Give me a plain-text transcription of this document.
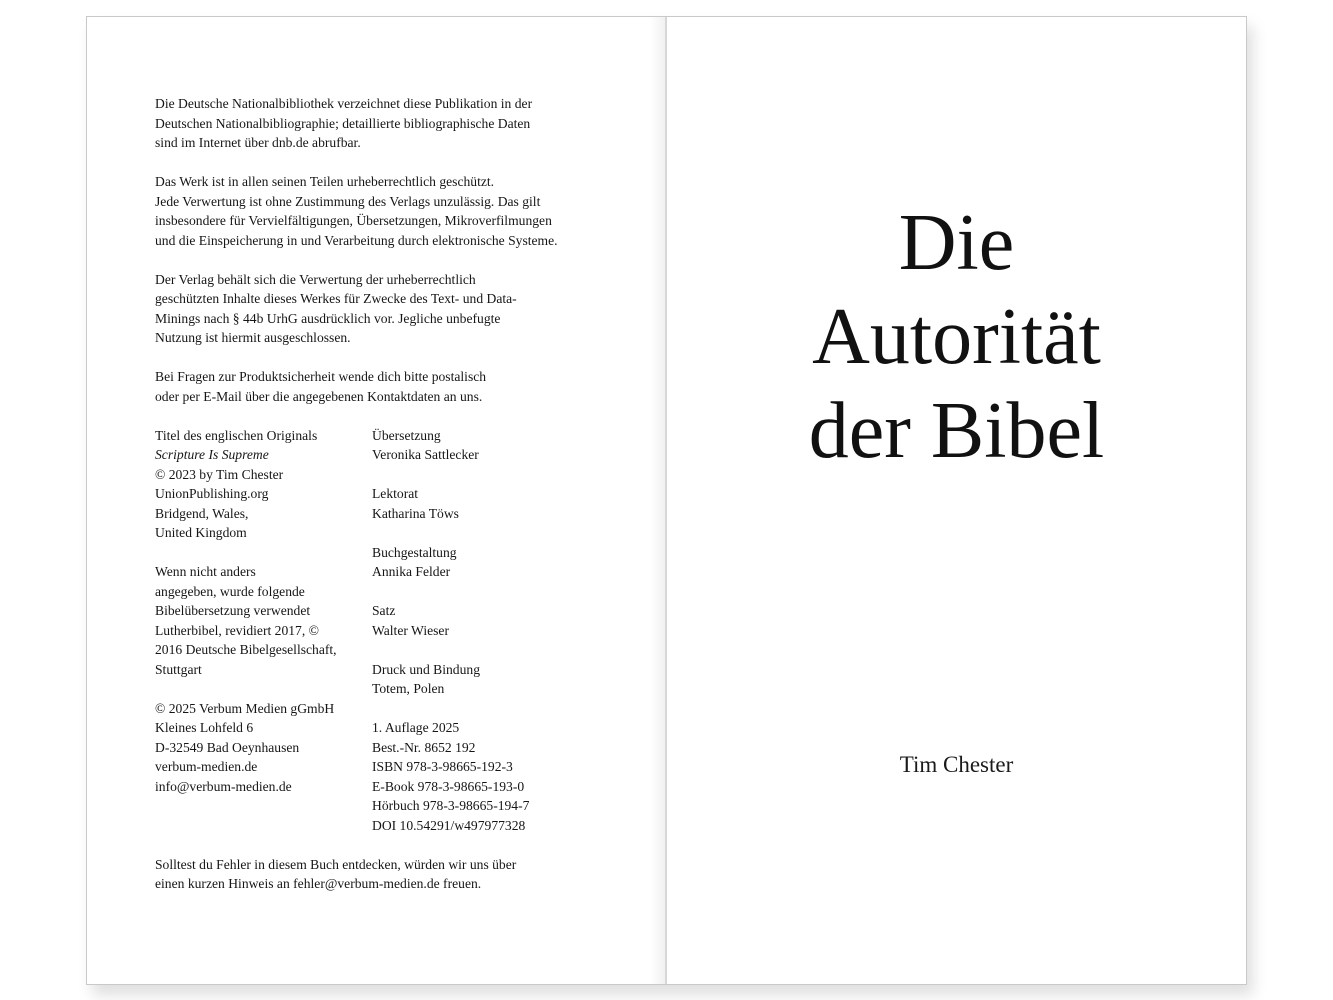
Die Deutsche Nationalbibliothek verzeichnet diese Publikation in der
Deutschen Nationalbibliographie; detaillierte bibliographische Daten
sind im Internet über dnb.de abrufbar.

Das Werk ist in allen seinen Teilen urheberrechtlich geschützt.
Jede Verwertung ist ohne Zustimmung des Verlags unzulässig. Das gilt
insbesondere für Vervielfältigungen, Übersetzungen, Mikroverfilmungen
und die Einspeicherung in und Verarbeitung durch elektronische Systeme.

Der Verlag behält sich die Verwertung der urheberrechtlich
geschützten Inhalte dieses Werkes für Zwecke des Text- und Data-
Minings nach § 44b UrhG ausdrücklich vor. Jegliche unbefugte
Nutzung ist hiermit ausgeschlossen.

Bei Fragen zur Produktsicherheit wende dich bitte postalisch
oder per E-Mail über die angegebenen Kontaktdaten an uns.

Titel des englischen Originals
Scripture Is Supreme
© 2023 by Tim Chester
UnionPublishing.org
Bridgend, Wales,
United Kingdom
Wenn nicht anders
angegeben, wurde folgende
Bibelübersetzung verwendet
Lutherbibel, revidiert 2017, ©
2016 Deutsche Bibelgesellschaft,
Stuttgart
© 2025 Verbum Medien gGmbH
Kleines Lohfeld 6
D-32549 Bad Oeynhausen
verbum-medien.de
info@verbum-medien.de
Übersetzung
Veronika Sattlecker
Lektorat
Katharina Töws
Buchgestaltung
Annika Felder
Satz
Walter Wieser
Druck und Bindung
Totem, Polen
1. Auflage 2025
Best.-Nr. 8652 192
ISBN 978-3-98665-192-3
E-Book 978-3-98665-193-0
Hörbuch 978-3-98665-194-7
DOI 10.54291/w497977328

Solltest du Fehler in diesem Buch entdecken, würden wir uns über
einen kurzen Hinweis an fehler@verbum-medien.de freuen.

Die
Autorität
der Bibel
Tim Chester
